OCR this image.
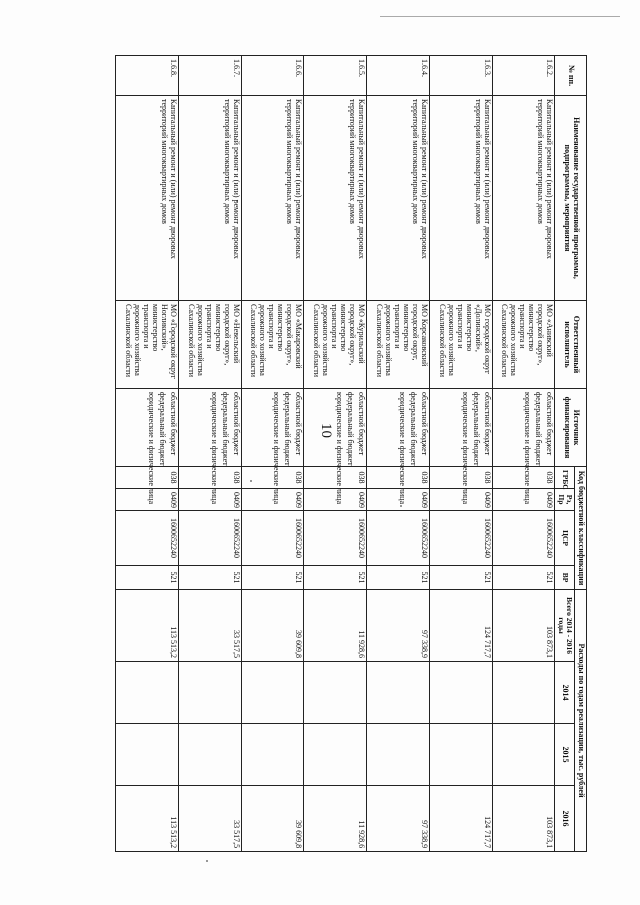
10
№ пп.	Наименование государственной программы, подпрограммы, мероприятия	Ответственный исполнитель	Источник финансирования	Код бюджетной классификации				Расходы по годам реализации, тыс. рублей			
				ГРБС	Рз, Пр	ЦСР	ВР	Всего 2014 - 2016 годы	2014	2015	2016
1.6.2.	Капитальный ремонт и (или) ремонт дворовых территорий многоквартирных домов	МО «Анивский городской округ», министерство транспорта и дорожного хозяйства Сахалинской области	областной бюджет
федеральный бюджет
юридические и физические лица	038	0409	1600652240	521	103 873,1			103 873,1
1.6.3.	Капитальный ремонт и (или) ремонт дворовых территорий многоквартирных домов	МО городской округ «Долинский», министерство транспорта и дорожного хозяйства Сахалинской области	областной бюджет
федеральный бюджет
юридические и физические лица	038	0409	1600652240	521	124 717,7			124 717,7
1.6.4.	Капитальный ремонт и (или) ремонт дворовых территорий многоквартирных домов	МО Корсаковский городской округ, министерство транспорта и дорожного хозяйства Сахалинской области	областной бюджет
федеральный бюджет
юридические и физические лица	038	0409	1600652240	521	97 338,9			97 338,9
1.6.5.	Капитальный ремонт и (или) ремонт дворовых территорий многоквартирных домов	МО «Курильский городской округ», министерство транспорта и дорожного хозяйства Сахалинской области	областной бюджет
федеральный бюджет
юридические и физические лица	038	0409	1600652240	521	11 928,6			11 928,6
1.6.6.	Капитальный ремонт и (или) ремонт дворовых территорий многоквартирных домов	МО «Макаровский городской округ», министерство транспорта и дорожного хозяйства Сахалинской области	областной бюджет
федеральный бюджет
юридические и физические лица	038	0409	1600652240	521	39 609,8			39 609,8
1.6.7.	Капитальный ремонт и (или) ремонт дворовых территорий многоквартирных домов	МО «Невельский городской округ», министерство транспорта и дорожного хозяйства Сахалинской области	областной бюджет
федеральный бюджет
юридические и физические лица	038	0409	1600652240	521	33 517,5			33 517,5
1.6.8.	Капитальный ремонт и (или) ремонт дворовых территорий многоквартирных домов	МО «Городской округ Ногликский», министерство транспорта и дорожного хозяйства Сахалинской области	областной бюджет
федеральный бюджет
юридические и физические лица	038	0409	1600652240	521	113 513,2			113 513,2
